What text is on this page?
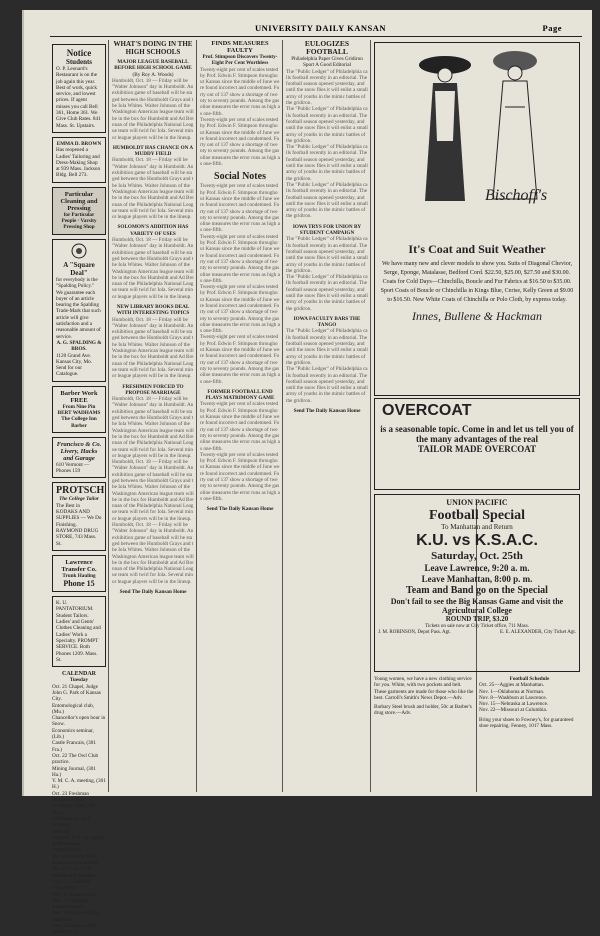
UNIVERSITY DAILY KANSAN	Page
Notice
Students
O. P. Leonard's Restaurant is on the job again this year. Best of work, quick service, and lowest prices. If agent misses you call Bell 361, Home 361. We Give Club Rates. 841 Mass. St. Upstairs.
EMMA D. BROWN
Has reopened a Ladies' Tailoring and Dress-Making Shop at 939 Mass. Jackson Bldg. Bell 273.
Particular Cleaning and Pressing
for Particular People · Varsity Pressing Shop
A "Square Deal"
for everybody is the "Spalding Policy." We guarantee each buyer of an article bearing the Spalding Trade-Mark that such article will give satisfaction and a reasonable amount of service.
A. G. SPALDING & BROS.
1120 Grand Ave. Kansas City, Mo. Send for our Catalogue.
Barber Work FREE
From Nine Pin BERT WADHAMS The College Inn Barber
Francisco & Co. Livery, Hacks and Garage
610 Vermont — Phones 159
PROTSCH
The College Tailor
The Best in KODAKS AND SUPPLIES — We Do Finishing. RAYMOND DRUG STORE, 743 Mass. St.
Lawrence Transfer Co.
Trunk Hauling
Phone 15
K. U. PANTATORIUM. Student Tailors. Ladies' and Gents' Clothes Cleaning and Ladies' Work a Specialty. PROMPT SERVICE. Both Phones 1209. Mass. St.
CALENDAR
Tuesday
Oct. 21 Chapel, Judge John G. Park of Kansas City.
Entomological club, (Mu.)
Chancellor's open hour in Snow.
Economics seminar, (Lib.)
Castle Francais, (301 Fra.)
Oct. 22 The Owl Club practice.
Mining Journal, (301 Ha.)
Y. M. C. A. meeting, (301 H.)
Oct. 23 Freshman Reception (Ro.)
El Ateneo Club, (301 Fra.)
Orchestra practice, (Fraser).
Saturday
Football, K.U. vs. Aggies at Manhattan.
Future Events
Oct. 26 Student Girls, Robinson gymnasium.
Oct. 27 Y. W. C. A. membership banquet.
Nov. 6-7 Teachers' Convention.
Nov. 13 Kansas Club.
Nov. 15 Jayhawk Nebraska game.
Nov. 16 Jayhawk Party, Robinson.
Nov. 26 Piano recital, Heckner Ley.
WHAT'S DOING IN THE HIGH SCHOOLS
MAJOR LEAGUE BASEBALL BEFORE HIGH SCHOOL GAME
(By Roy A. Woods)
Humboldt, Oct. 18 — Friday will be "Walter Johnson" day in Humboldt. An exhibition game of baseball will be staged between the Humboldt Grays and the Iola Whites. Walter Johnson of the Washington American league team will be in the box for Humboldt and Ad Brennan of the Philadelphia National League team will twirl for Iola. Several minor league players will be in the lineup.
HUMBOLDT HAS CHANCE ON A MUDDY FIELD
Humboldt, Oct. 18 — Friday will be "Walter Johnson" day in Humboldt. An exhibition game of baseball will be staged between the Humboldt Grays and the Iola Whites. Walter Johnson of the Washington American league team will be in the box for Humboldt and Ad Brennan of the Philadelphia National League team will twirl for Iola. Several minor league players will be in the lineup.
SOLOMON'S ADDITION HAS VARIETY OF USES
Humboldt, Oct. 18 — Friday will be "Walter Johnson" day in Humboldt. An exhibition game of baseball will be staged between the Humboldt Grays and the Iola Whites. Walter Johnson of the Washington American league team will be in the box for Humboldt and Ad Brennan of the Philadelphia National League team will twirl for Iola. Several minor league players will be in the lineup.
NEW LIBRARY BOOKS DEAL WITH INTERESTING TOPICS
Humboldt, Oct. 18 — Friday will be "Walter Johnson" day in Humboldt. An exhibition game of baseball will be staged between the Humboldt Grays and the Iola Whites. Walter Johnson of the Washington American league team will be in the box for Humboldt and Ad Brennan of the Philadelphia National League team will twirl for Iola. Several minor league players will be in the lineup.
FRESHMEN FORCED TO PROPOSE MARRIAGE
Humboldt, Oct. 18 — Friday will be "Walter Johnson" day in Humboldt. An exhibition game of baseball will be staged between the Humboldt Grays and the Iola Whites. Walter Johnson of the Washington American league team will be in the box for Humboldt and Ad Brennan of the Philadelphia National League team will twirl for Iola. Several minor league players will be in the lineup.
Humboldt, Oct. 18 — Friday will be "Walter Johnson" day in Humboldt. An exhibition game of baseball will be staged between the Humboldt Grays and the Iola Whites. Walter Johnson of the Washington American league team will be in the box for Humboldt and Ad Brennan of the Philadelphia National League team will twirl for Iola. Several minor league players will be in the lineup.
Humboldt, Oct. 18 — Friday will be "Walter Johnson" day in Humboldt. An exhibition game of baseball will be staged between the Humboldt Grays and the Iola Whites. Walter Johnson of the Washington American league team will be in the box for Humboldt and Ad Brennan of the Philadelphia National League team will twirl for Iola. Several minor league players will be in the lineup.
Send The Daily Kansan Home
FINDS MEASURES FAULTY
Prof. Stimpson Discovers Twenty-Eight Per Cent Worthless
Twenty-eight per cent of scales tested by Prof. Edwin F. Stimpson throughout Kansas since the middle of June were found incorrect and condemned. Forty out of 137 show a shortage of twenty to seventy pounds. Among the gasoline measures the error runs as high as one-fifth.
Twenty-eight per cent of scales tested by Prof. Edwin F. Stimpson throughout Kansas since the middle of June were found incorrect and condemned. Forty out of 137 show a shortage of twenty to seventy pounds. Among the gasoline measures the error runs as high as one-fifth.
Social Notes
Twenty-eight per cent of scales tested by Prof. Edwin F. Stimpson throughout Kansas since the middle of June were found incorrect and condemned. Forty out of 137 show a shortage of twenty to seventy pounds. Among the gasoline measures the error runs as high as one-fifth.
Twenty-eight per cent of scales tested by Prof. Edwin F. Stimpson throughout Kansas since the middle of June were found incorrect and condemned. Forty out of 137 show a shortage of twenty to seventy pounds. Among the gasoline measures the error runs as high as one-fifth.
Twenty-eight per cent of scales tested by Prof. Edwin F. Stimpson throughout Kansas since the middle of June were found incorrect and condemned. Forty out of 137 show a shortage of twenty to seventy pounds. Among the gasoline measures the error runs as high as one-fifth.
Twenty-eight per cent of scales tested by Prof. Edwin F. Stimpson throughout Kansas since the middle of June were found incorrect and condemned. Forty out of 137 show a shortage of twenty to seventy pounds. Among the gasoline measures the error runs as high as one-fifth.
FORMER FOOTBALL END PLAYS MATRIMONY GAME
Twenty-eight per cent of scales tested by Prof. Edwin F. Stimpson throughout Kansas since the middle of June were found incorrect and condemned. Forty out of 137 show a shortage of twenty to seventy pounds. Among the gasoline measures the error runs as high as one-fifth.
Twenty-eight per cent of scales tested by Prof. Edwin F. Stimpson throughout Kansas since the middle of June were found incorrect and condemned. Forty out of 137 show a shortage of twenty to seventy pounds. Among the gasoline measures the error runs as high as one-fifth.
Send The Daily Kansan Home
EULOGIZES FOOTBALL
Philadelphia Paper Gives Gridiron Sport A Good Editorial
The "Public Ledger" of Philadelphia calls football recently in an editorial. The football season opened yesterday, and until the snow flies it will enlist a small army of youths in the mimic battles of the gridiron.
The "Public Ledger" of Philadelphia calls football recently in an editorial. The football season opened yesterday, and until the snow flies it will enlist a small army of youths in the mimic battles of the gridiron.
The "Public Ledger" of Philadelphia calls football recently in an editorial. The football season opened yesterday, and until the snow flies it will enlist a small army of youths in the mimic battles of the gridiron.
The "Public Ledger" of Philadelphia calls football recently in an editorial. The football season opened yesterday, and until the snow flies it will enlist a small army of youths in the mimic battles of the gridiron.
IOWA TRYS FOR UNION BY STUDENT CAMPAIGN
The "Public Ledger" of Philadelphia calls football recently in an editorial. The football season opened yesterday, and until the snow flies it will enlist a small army of youths in the mimic battles of the gridiron.
The "Public Ledger" of Philadelphia calls football recently in an editorial. The football season opened yesterday, and until the snow flies it will enlist a small army of youths in the mimic battles of the gridiron.
IOWA FACULTY BARS THE TANGO
The "Public Ledger" of Philadelphia calls football recently in an editorial. The football season opened yesterday, and until the snow flies it will enlist a small army of youths in the mimic battles of the gridiron.
The "Public Ledger" of Philadelphia calls football recently in an editorial. The football season opened yesterday, and until the snow flies it will enlist a small army of youths in the mimic battles of the gridiron.
Send The Daily Kansan Home
Bischoff's
It's Coat and Suit Weather
We have many new and clever models to show you. Suits of Diagonal Chevior, Serge, Eponge, Matalasse, Bedford Cord. $22.50, $25.00, $27.50 and $30.00. Coats for Cold Days—Chinchilla, Boucle and Fur Fabrics at $16.50 to $35.00. Sport Coats of Boucle or Chinchilla in Kings Blue, Cerise, Kelly Green at $9.00 to $16.50. New White Coats of Chinchilla or Polo Cloth, by express today.
Innes, Bullene & Hackman
OVERCOAT
is a seasonable topic. Come in and let us tell you of the many advantages of the real
TAILOR MADE OVERCOAT
UNION PACIFIC
Football Special
To Manhattan and Return
K.U. vs K.S.A.C.
Saturday, Oct. 25th
Leave Lawrence, 9:20 a. m.
Leave Manhattan, 8:00 p. m.
Team and Band go on the Special
Don't fail to see the Big Kansas Game and visit the Agricultural College
ROUND TRIP, $3.20
Tickets on sale now at City Ticket office, 711 Mass.
J. M. ROBINSON, Depot Pass. Agt.	E. E. ALEXANDER, City Ticket Agt.
Young women, we have a new clothing service for you. White, with two pockets and belt. These garments are made for those who like the best. Carroll's Smith's News Depot.—Adv.
Barbary Steel brush and holder, 50c at Barber's drug store.—Adv.
Football Schedule
Oct. 25—Aggies at Manhattan.
Nov. 1—Oklahoma at Norman.
Nov. 8—Washburn at Lawrence.
Nov. 15—Nebraska at Lawrence.
Nov. 22—Missouri at Columbia.
Bring your shoes to Fowney's, for guaranteed shoe repairing. Fenney, 1017 Mass.
